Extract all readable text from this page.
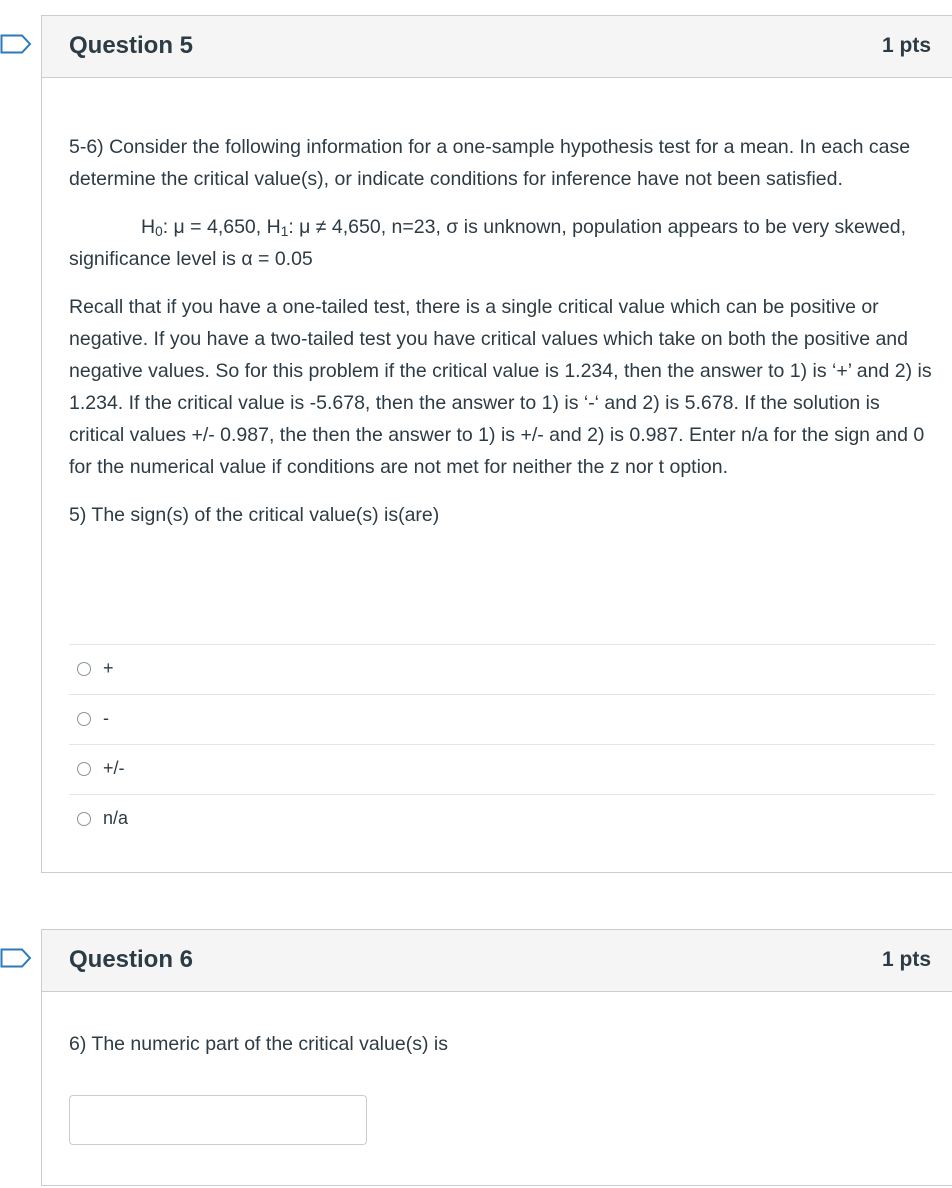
Question 5	1 pts

5-6) Consider the following information for a one-sample hypothesis test for a mean. In each case determine the critical value(s), or indicate conditions for inference have not been satisfied.

$H_0$: μ = 4,650, $H_1$: μ ≠ 4,650, n=23, σ is unknown, population appears to be very skewed, significance level is α = 0.05

Recall that if you have a one-tailed test, there is a single critical value which can be positive or negative. If you have a two-tailed test you have critical values which take on both the positive and negative values. So for this problem if the critical value is 1.234, then the answer to 1) is ‘+’ and 2) is 1.234. If the critical value is -5.678, then the answer to 1) is ‘-‘ and 2) is 5.678. If the solution is critical values +/- 0.987, the then the answer to 1) is +/- and 2) is 0.987. Enter n/a for the sign and 0 for the numerical value if conditions are not met for neither the z nor t option.

5) The sign(s) of the critical value(s) is(are)

+
-
+/-
n/a
Question 6	1 pts

6) The numeric part of the critical value(s) is
